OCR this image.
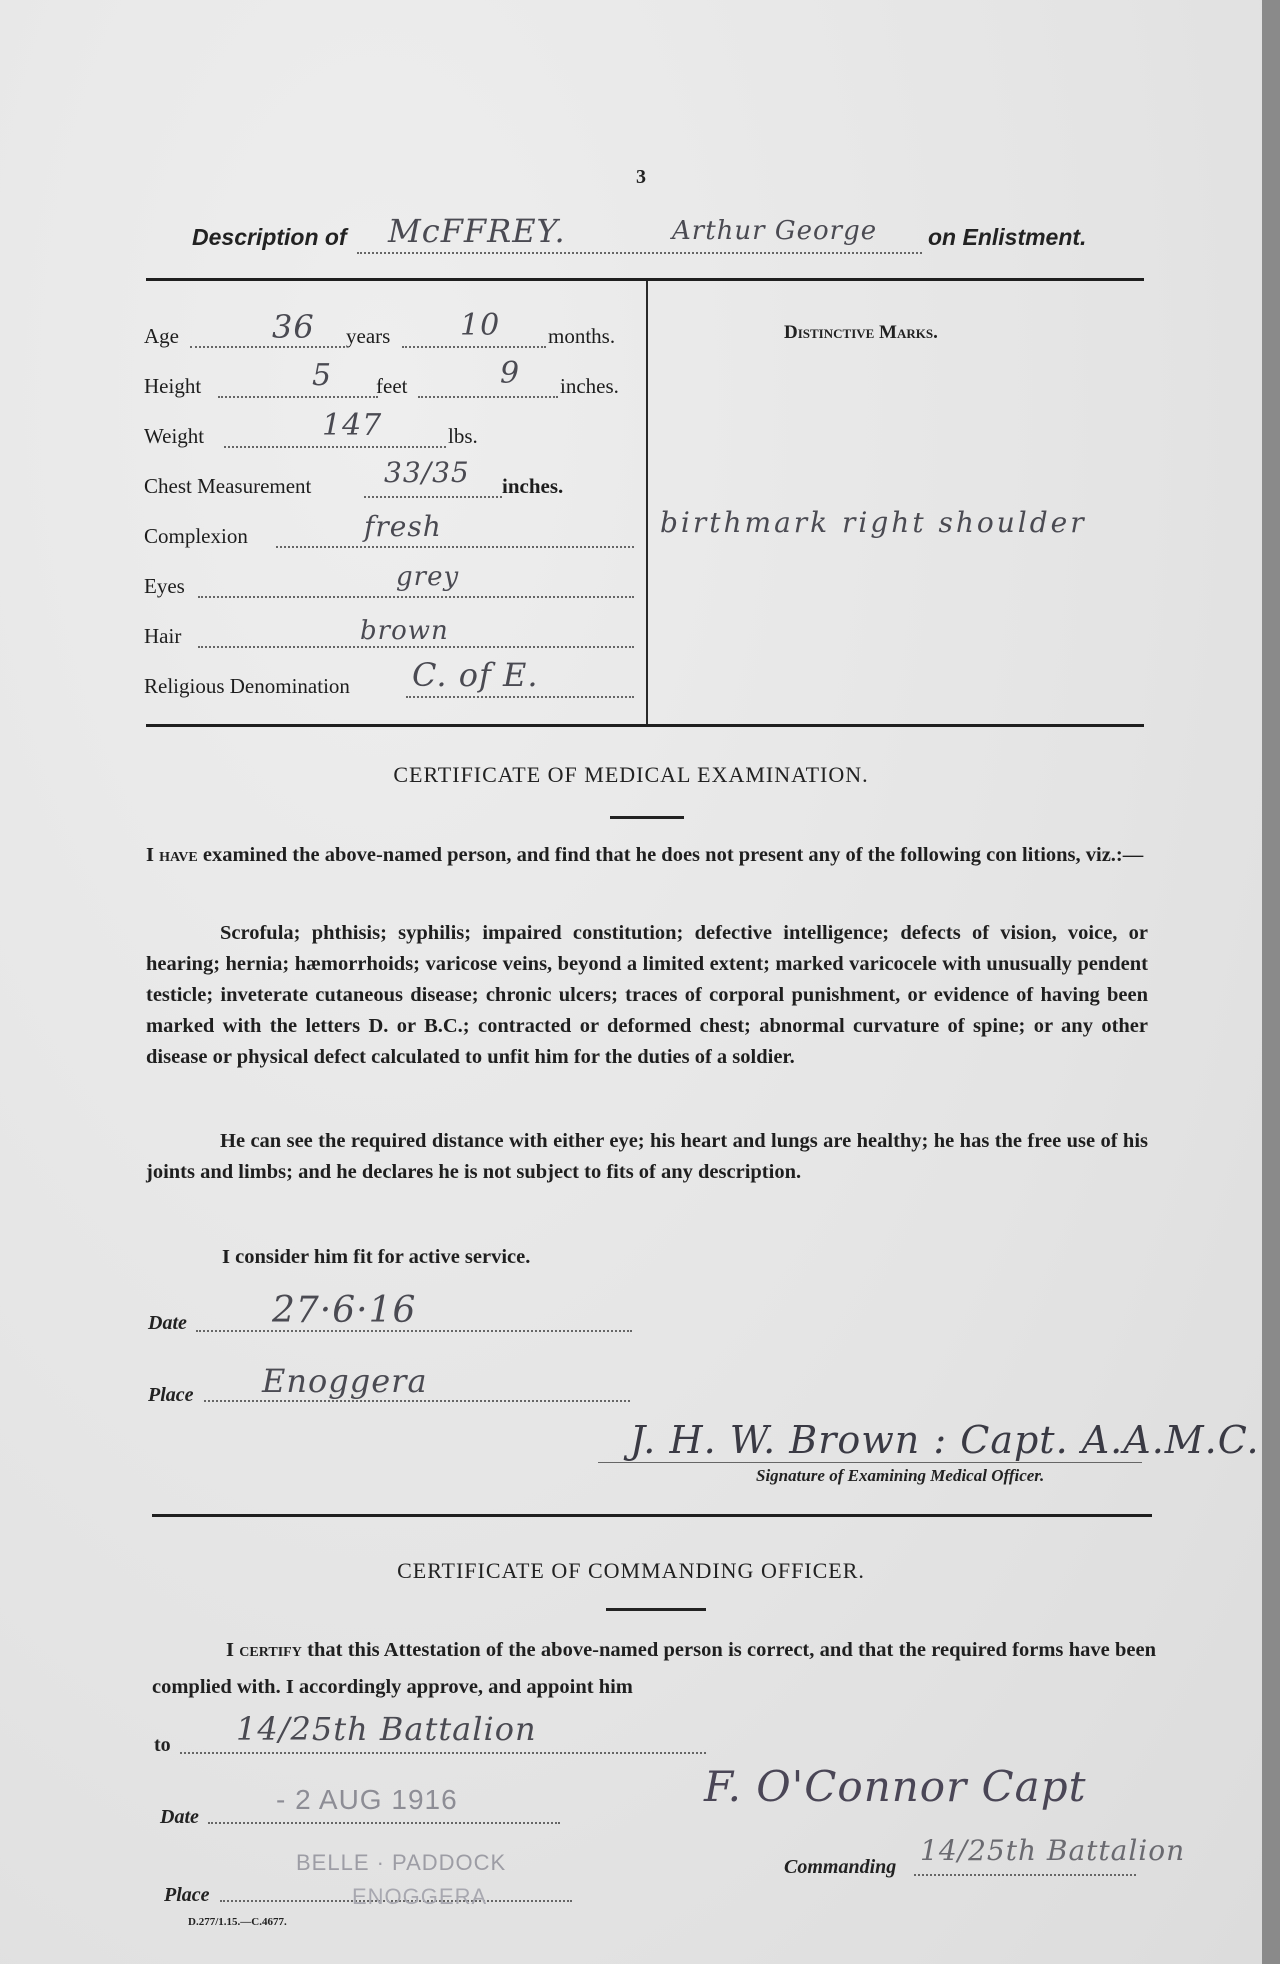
3
Description of McFFREY.	Arthur George on Enlistment.
Age	36 years 10 months.
Height	5 feet	9 inches.
Weight	147	lbs.
Chest Measurement	33/35 inches.
Complexion	fresh
Eyes	grey
Hair	brown
Religious Denomination C. of E.
Distinctive Marks.
birthmark right shoulder
CERTIFICATE OF MEDICAL EXAMINATION.
I have examined the above-named person, and find that he does not present any of the following con litions, viz.:—
Scrofula; phthisis; syphilis; impaired constitution; defective intelligence; defects of vision, voice, or hearing; hernia; hæmorrhoids; varicose veins, beyond a limited extent; marked varicocele with unusually pendent testicle; inveterate cutaneous disease; chronic ulcers; traces of corporal punishment, or evidence of having been marked with the letters D. or B.C.; contracted or deformed chest; abnormal curvature of spine; or any other disease or physical defect calculated to unfit him for the duties of a soldier.
He can see the required distance with either eye; his heart and lungs are healthy; he has the free use of his joints and limbs; and he declares he is not subject to fits of any description.
I consider him fit for active service.
Date 27·6·16
Place Enoggera
J. H. W. Brown : Capt. A.A.M.C.
Signature of Examining Medical Officer.
CERTIFICATE OF COMMANDING OFFICER.
I certify that this Attestation of the above-named person is correct, and that the required forms have been complied with. I accordingly approve, and appoint him
to 14/25th Battalion
Date
- 2 AUG 1916
Place
BELLE · PADDOCK
ENOGGERA
F. O'Connor Capt
Commanding 14/25th Battalion
D.277/1.15.—C.4677.
